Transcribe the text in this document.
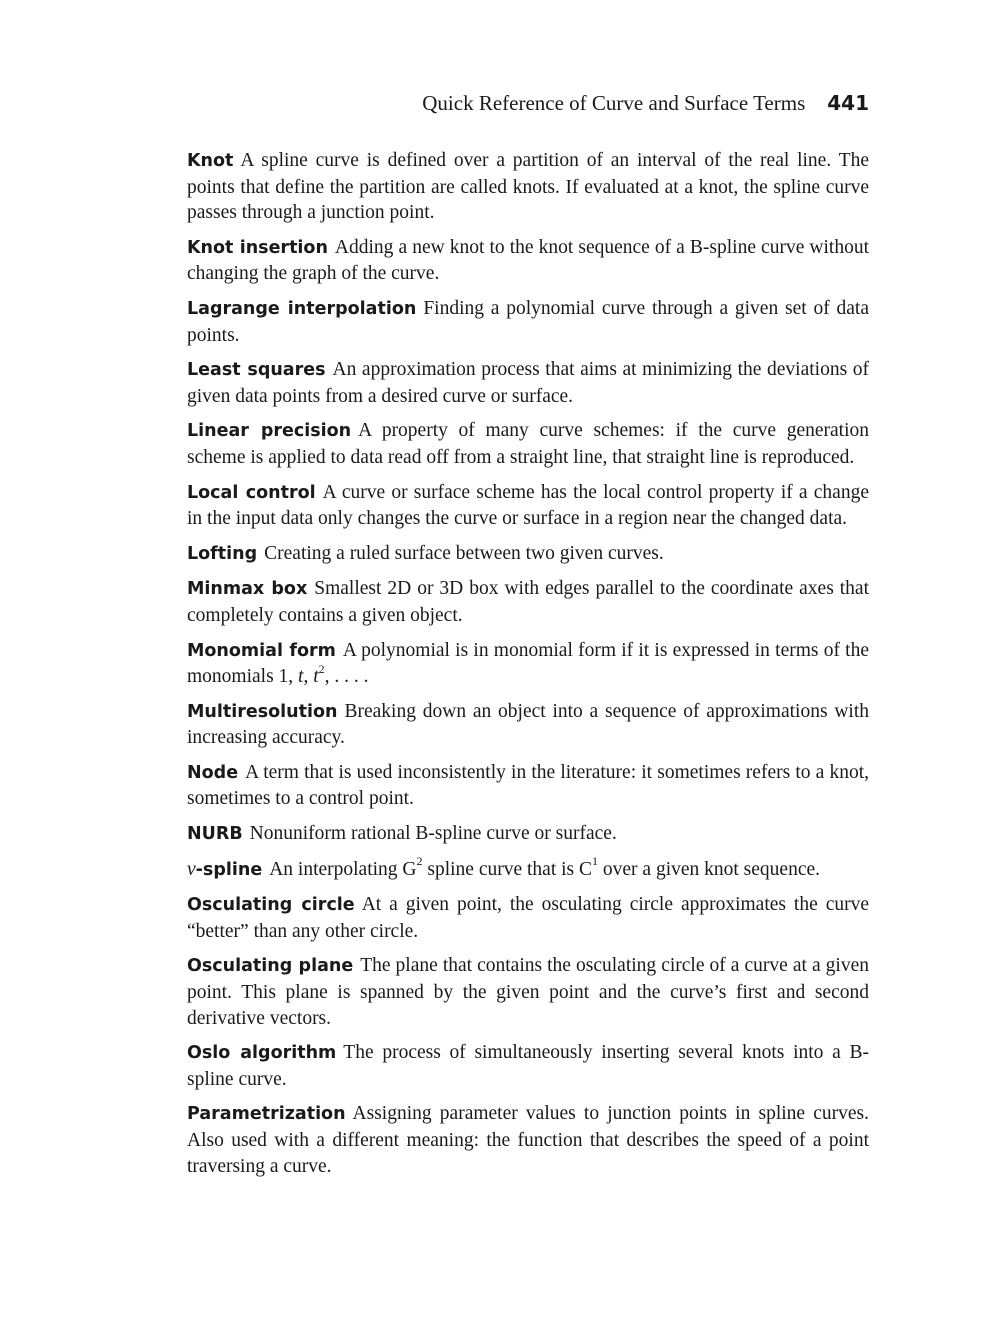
Quick Reference of Curve and Surface Terms 441

Knot A spline curve is defined over a partition of an interval of the real line. The points that define the partition are called knots. If evaluated at a knot, the spline curve passes through a junction point.

Knot insertion Adding a new knot to the knot sequence of a B-spline curve without changing the graph of the curve.

Lagrange interpolation Finding a polynomial curve through a given set of data points.

Least squares An approximation process that aims at minimizing the deviations of given data points from a desired curve or surface.

Linear precision A property of many curve schemes: if the curve generation scheme is applied to data read off from a straight line, that straight line is reproduced.

Local control A curve or surface scheme has the local control property if a change in the input data only changes the curve or surface in a region near the changed data.

Lofting Creating a ruled surface between two given curves.

Minmax box Smallest 2D or 3D box with edges parallel to the coordinate axes that completely contains a given object.

Monomial form A polynomial is in monomial form if it is expressed in terms of the monomials 1, t, $t^2$, . . . .

Multiresolution Breaking down an object into a sequence of approximations with increasing accuracy.

Node A term that is used inconsistently in the literature: it sometimes refers to a knot, sometimes to a control point.

NURB Nonuniform rational B-spline curve or surface.

ν-spline An interpolating $G^2$ spline curve that is $C^1$ over a given knot sequence.

Osculating circle At a given point, the osculating circle approximates the curve “better” than any other circle.

Osculating plane The plane that contains the osculating circle of a curve at a given point. This plane is spanned by the given point and the curve’s first and second derivative vectors.

Oslo algorithm The process of simultaneously inserting several knots into a B-spline curve.

Parametrization Assigning parameter values to junction points in spline curves. Also used with a different meaning: the function that describes the speed of a point traversing a curve.
